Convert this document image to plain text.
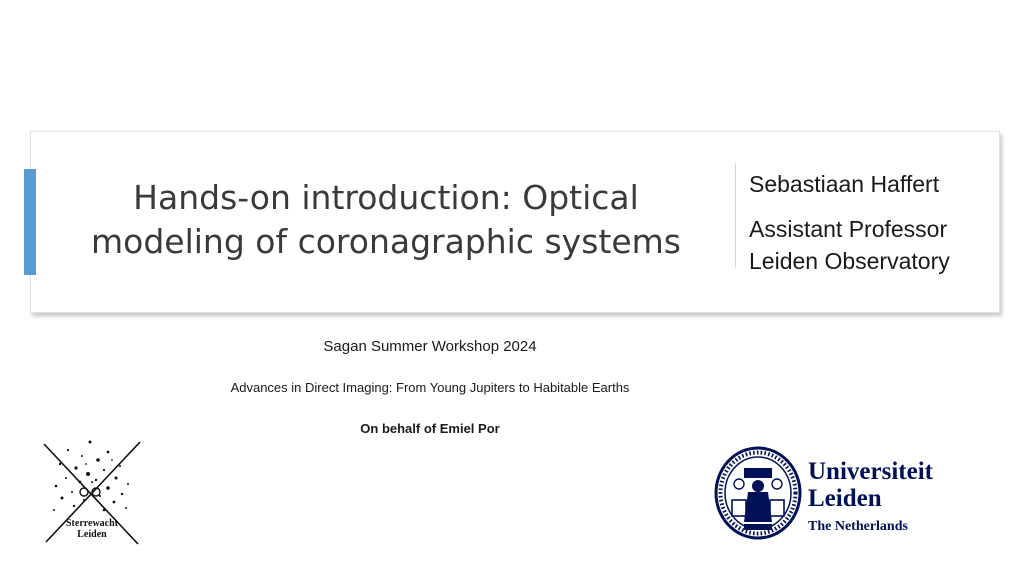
Hands-on introduction: Optical
modeling of coronagraphic systems
Sebastiaan Haffert
Assistant Professor
Leiden Observatory
Sagan Summer Workshop 2024
Advances in Direct Imaging: From Young Jupiters to Habitable Earths
On behalf of Emiel Por
Sterrewacht
Leiden
Universiteit
Leiden
The Netherlands
